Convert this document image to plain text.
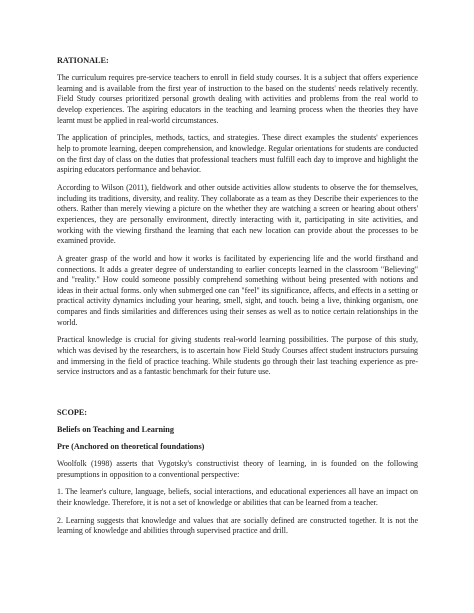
RATIONALE:

The curriculum requires pre-service teachers to enroll in field study courses. It is a subject that offers experience learning and is available from the first year of instruction to the based on the students' needs relatively recently. Field Study courses prioritized personal growth dealing with activities and problems from the real world to develop experiences. The aspiring educators in the teaching and learning process when the theories they have learnt must be applied in real-world circumstances.

The application of principles, methods, tactics, and strategies. These direct examples the students' experiences help to promote learning, deepen comprehension, and knowledge. Regular orientations for students are conducted on the first day of class on the duties that professional teachers must fulfill each day to improve and highlight the aspiring educators performance and behavior.

According to Wilson (2011), fieldwork and other outside activities allow students to observe the for themselves, including its traditions, diversity, and reality. They collaborate as a team as they Describe their experiences to the others. Rather than merely viewing a picture on the whether they are watching a screen or hearing about others' experiences, they are personally environment, directly interacting with it, participating in site activities, and working with the viewing firsthand the learning that each new location can provide about the processes to be examined provide.

A greater grasp of the world and how it works is facilitated by experiencing life and the world firsthand and connections. It adds a greater degree of understanding to earlier concepts learned in the classroom "Believing" and "reality." How could someone possibly comprehend something without being presented with notions and ideas in their actual forms. only when submerged one can "feel" its significance, affects, and effects in a setting or practical activity dynamics including your hearing, smell, sight, and touch. being a live, thinking organism, one compares and finds similarities and differences using their senses as well as to notice certain relationships in the world.

Practical knowledge is crucial for giving students real-world learning possibilities. The purpose of this study, which was devised by the researchers, is to ascertain how Field Study Courses affect student instructors pursuing and immersing in the field of practice teaching. While students go through their last teaching experience as pre-service instructors and as a fantastic benchmark for their future use.

SCOPE:
Beliefs on Teaching and Learning
Pre (Anchored on theoretical foundations)

Woolfolk (1998) asserts that Vygotsky's constructivist theory of learning, in is founded on the following presumptions in opposition to a conventional perspective:

1. The learner's culture, language, beliefs, social interactions, and educational experiences all have an impact on their knowledge. Therefore, it is not a set of knowledge or abilities that can be learned from a teacher.

2. Learning suggests that knowledge and values that are socially defined are constructed together. It is not the learning of knowledge and abilities through supervised practice and drill.
